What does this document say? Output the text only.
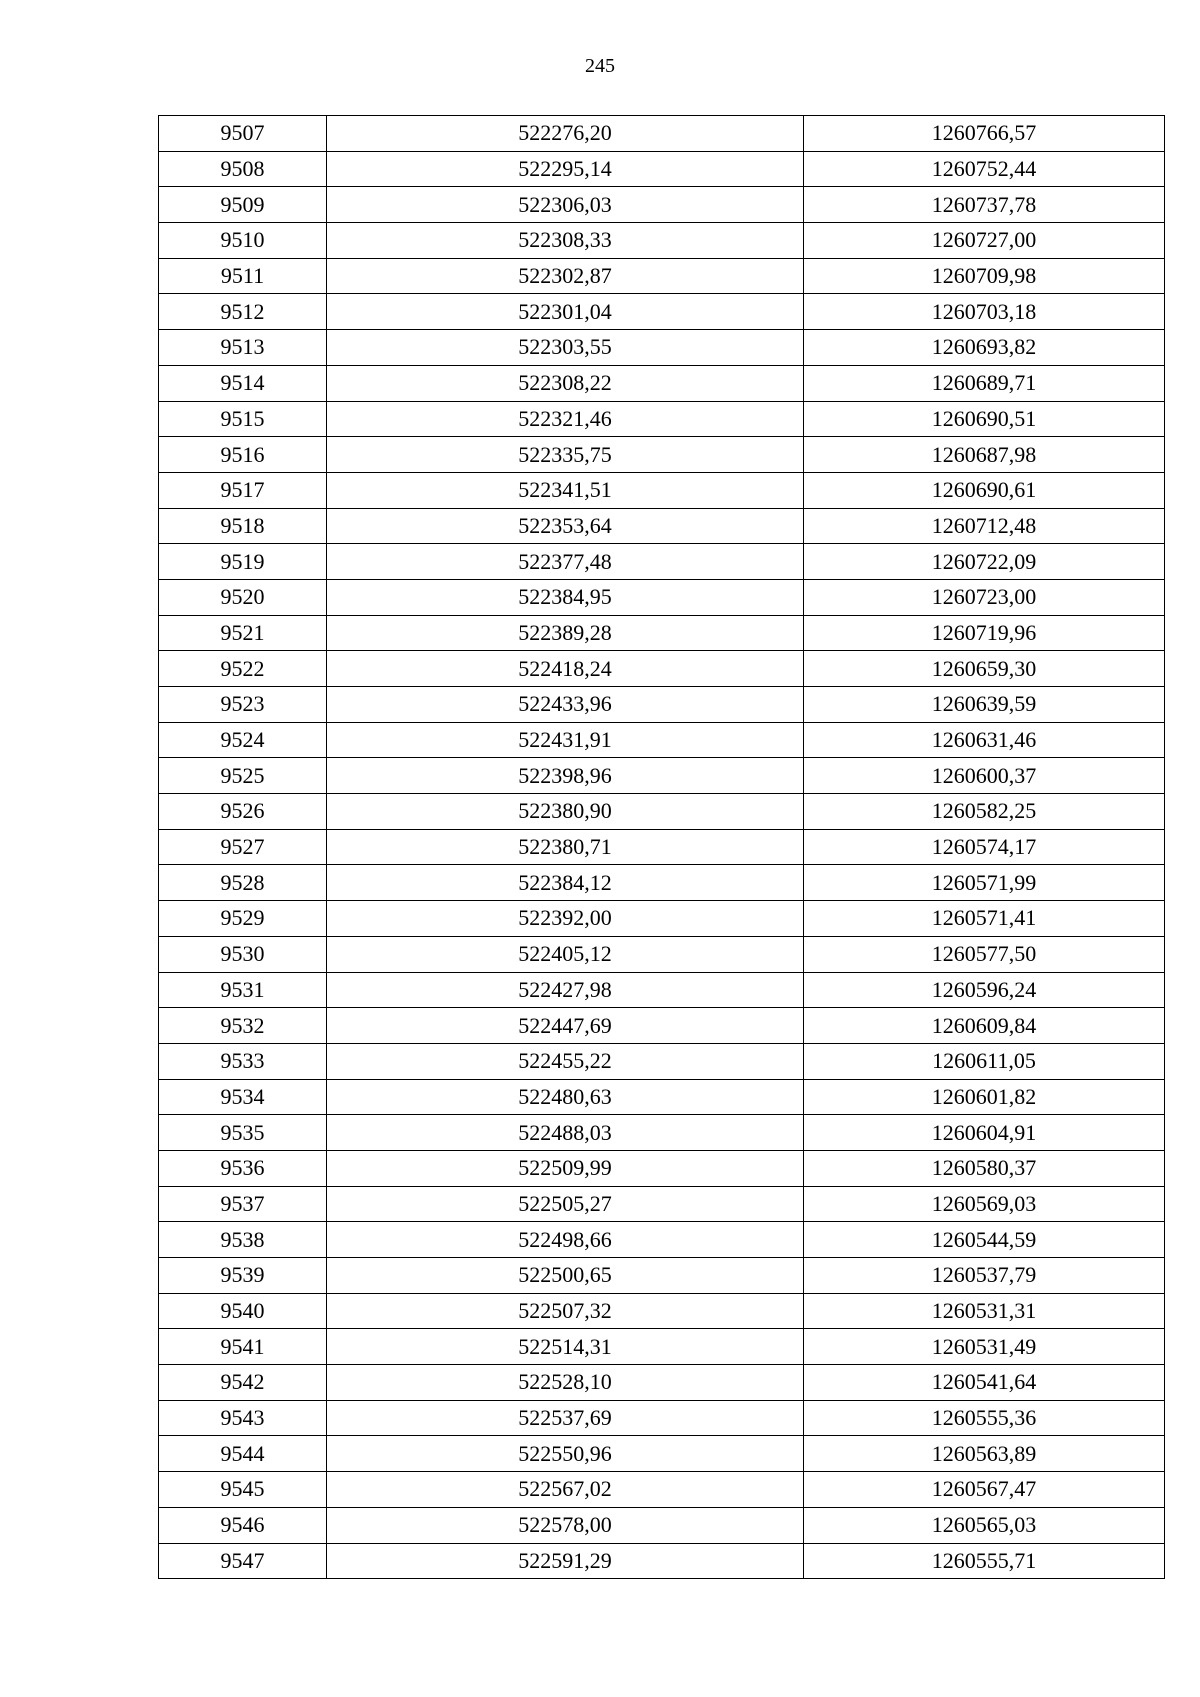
245
9507	522276,20	1260766,57
9508	522295,14	1260752,44
9509	522306,03	1260737,78
9510	522308,33	1260727,00
9511	522302,87	1260709,98
9512	522301,04	1260703,18
9513	522303,55	1260693,82
9514	522308,22	1260689,71
9515	522321,46	1260690,51
9516	522335,75	1260687,98
9517	522341,51	1260690,61
9518	522353,64	1260712,48
9519	522377,48	1260722,09
9520	522384,95	1260723,00
9521	522389,28	1260719,96
9522	522418,24	1260659,30
9523	522433,96	1260639,59
9524	522431,91	1260631,46
9525	522398,96	1260600,37
9526	522380,90	1260582,25
9527	522380,71	1260574,17
9528	522384,12	1260571,99
9529	522392,00	1260571,41
9530	522405,12	1260577,50
9531	522427,98	1260596,24
9532	522447,69	1260609,84
9533	522455,22	1260611,05
9534	522480,63	1260601,82
9535	522488,03	1260604,91
9536	522509,99	1260580,37
9537	522505,27	1260569,03
9538	522498,66	1260544,59
9539	522500,65	1260537,79
9540	522507,32	1260531,31
9541	522514,31	1260531,49
9542	522528,10	1260541,64
9543	522537,69	1260555,36
9544	522550,96	1260563,89
9545	522567,02	1260567,47
9546	522578,00	1260565,03
9547	522591,29	1260555,71
